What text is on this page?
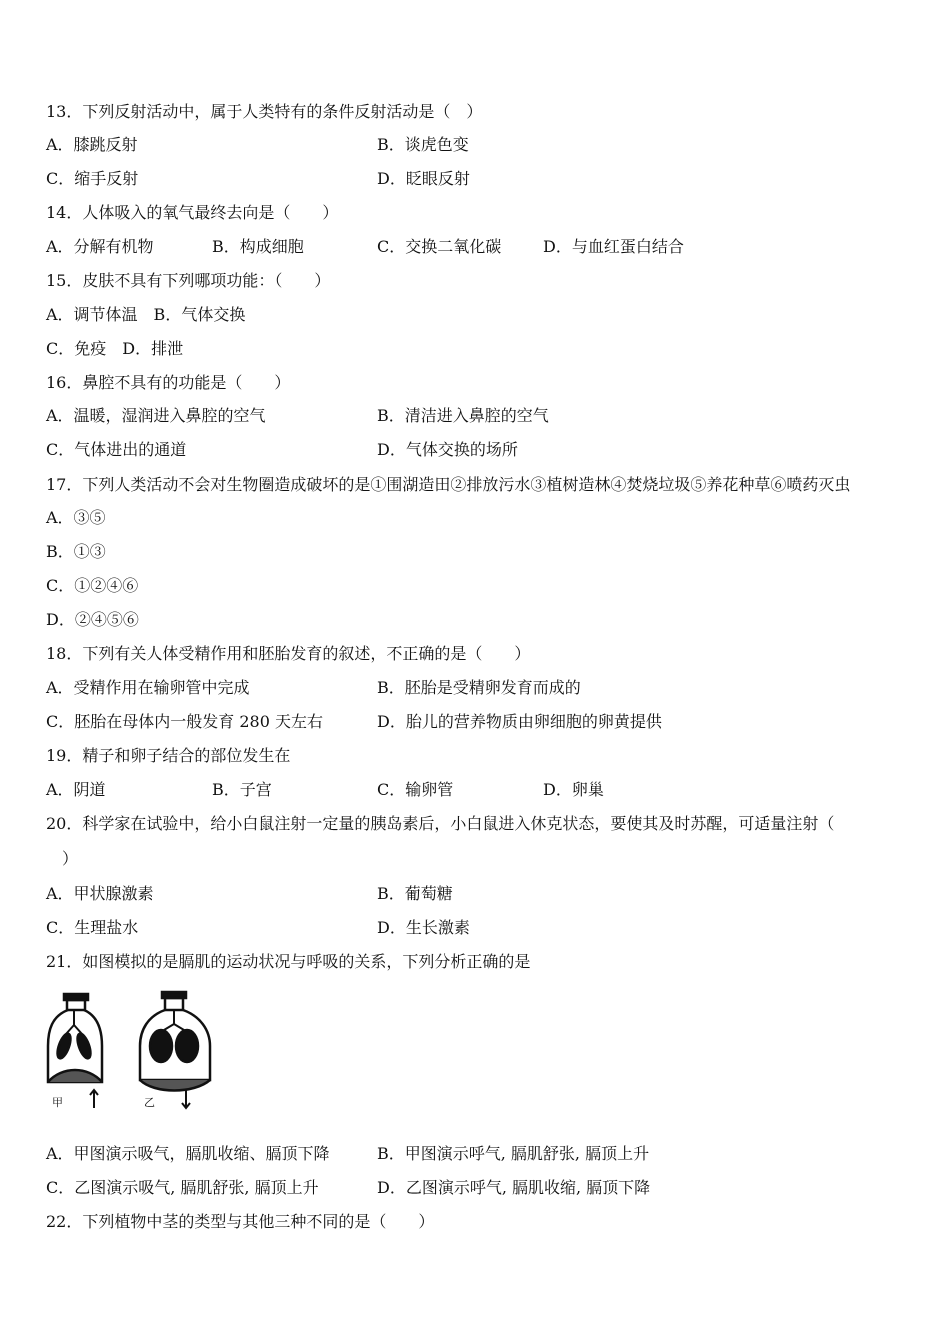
13．下列反射活动中，属于人类特有的条件反射活动是（　）
A．膝跳反射	B．谈虎色变
C．缩手反射	D．眨眼反射
14．人体吸入的氧气最终去向是（　　）
A．分解有机物	B．构成细胞	C．交换二氧化碳	D．与血红蛋白结合
15．皮肤不具有下列哪项功能：（　　）
A．调节体温　B．气体交换
C．免疫　D．排泄
16．鼻腔不具有的功能是（　　）
A．温暖，湿润进入鼻腔的空气	B．清洁进入鼻腔的空气
C．气体进出的通道	D．气体交换的场所
17．下列人类活动不会对生物圈造成破坏的是①围湖造田②排放污水③植树造林④焚烧垃圾⑤养花种草⑥喷药灭虫
A．③⑤
B．①③
C．①②④⑥
D．②④⑤⑥
18．下列有关人体受精作用和胚胎发育的叙述，不正确的是（　　）
A．受精作用在输卵管中完成	B．胚胎是受精卵发育而成的
C．胚胎在母体内一般发育 280 天左右	D．胎儿的营养物质由卵细胞的卵黄提供
19．精子和卵子结合的部位发生在
A．阴道	B．子宫	C．输卵管	D．卵巢
20．科学家在试验中，给小白鼠注射一定量的胰岛素后，小白鼠进入休克状态，要使其及时苏醒，可适量注射（
）
A．甲状腺激素	B．葡萄糖
C．生理盐水	D．生长激素
21．如图模拟的是膈肌的运动状况与呼吸的关系，下列分析正确的是
甲	乙
A．甲图演示吸气，膈肌收缩、膈顶下降	B．甲图演示呼气, 膈肌舒张, 膈顶上升
C．乙图演示吸气, 膈肌舒张, 膈顶上升	D．乙图演示呼气, 膈肌收缩, 膈顶下降
22．下列植物中茎的类型与其他三种不同的是（　　）
